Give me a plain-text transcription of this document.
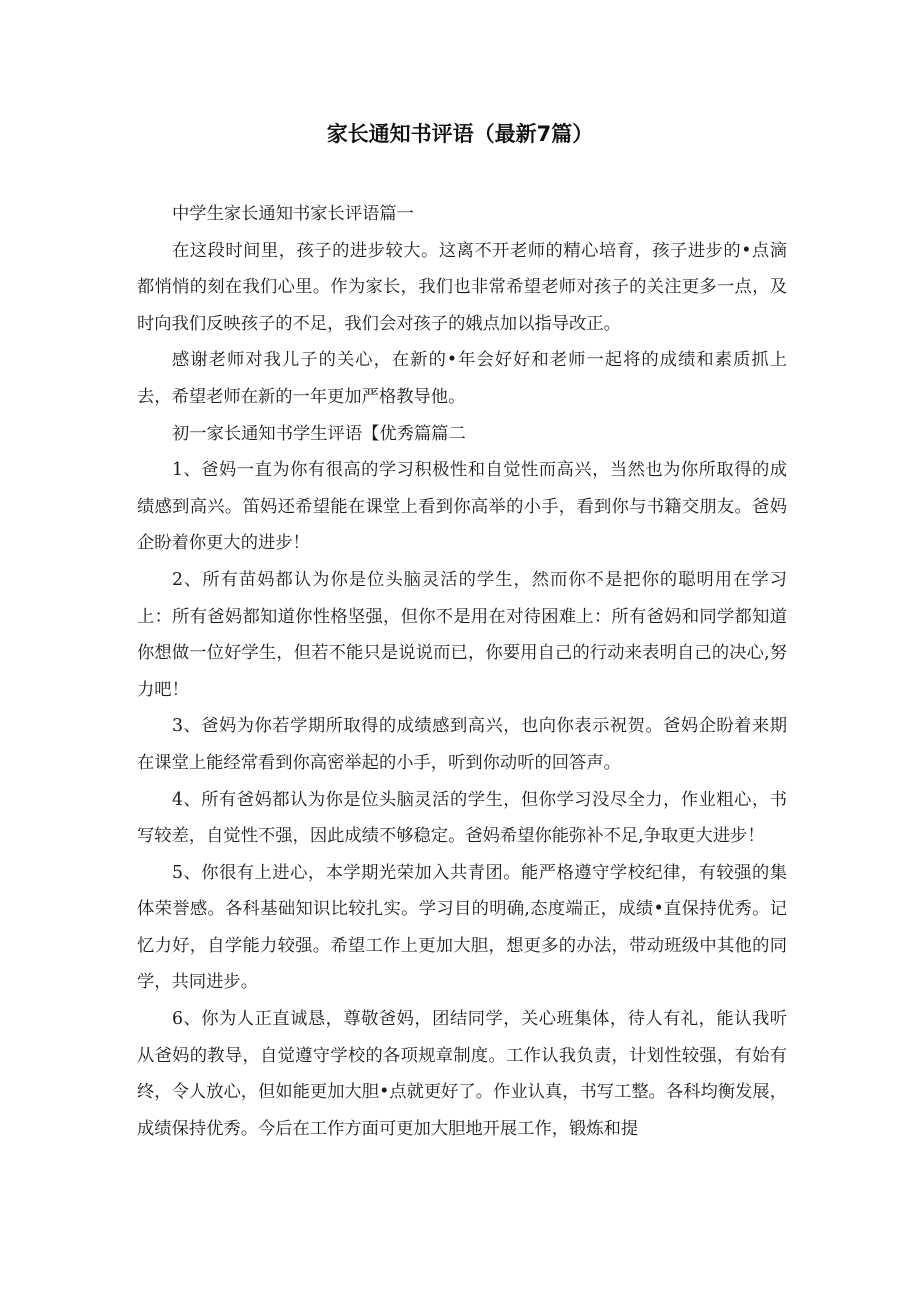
家长通知书评语（最新7篇）

中学生家长通知书家长评语篇一

在这段时间里，孩子的进步较大。这离不开老师的精心培育，孩子进步的•点滴都悄悄的刻在我们心里。作为家长，我们也非常希望老师对孩子的关注更多一点，及时向我们反映孩子的不足，我们会对孩子的娥点加以指导改正。

感谢老师对我儿子的关心，在新的•年会好好和老师一起将的成绩和素质抓上去，希望老师在新的一年更加严格教导他。

初一家长通知书学生评语【优秀篇篇二

1、爸妈一直为你有很高的学习积极性和自觉性而高兴，当然也为你所取得的成绩感到高兴。笛妈还希望能在课堂上看到你高举的小手，看到你与书籍交朋友。爸妈企盼着你更大的进步！

2、所有苗妈都认为你是位头脑灵活的学生，然而你不是把你的聪明用在学习上：所有爸妈都知道你性格坚强，但你不是用在对待困难上：所有爸妈和同学都知道你想做一位好学生，但若不能只是说说而已，你要用自己的行动来表明自己的决心,努力吧！

3、爸妈为你若学期所取得的成绩感到高兴，也向你表示祝贺。爸妈企盼着来期在课堂上能经常看到你高密举起的小手，听到你动听的回答声。

4、所有爸妈都认为你是位头脑灵活的学生，但你学习没尽全力，作业粗心，书写较差，自觉性不强，因此成绩不够稳定。爸妈希望你能弥补不足,争取更大进步！

5、你很有上进心，本学期光荣加入共青团。能严格遵守学校纪律，有较强的集体荣誉感。各科基础知识比较扎实。学习目的明确,态度端正，成绩•直保持优秀。记忆力好，自学能力较强。希望工作上更加大胆，想更多的办法，带动班级中其他的同学，共同进步。

6、你为人正直诚恳，尊敬爸妈，团结同学，关心班集体，待人有礼，能认我听从爸妈的教导，自觉遵守学校的各项规章制度。工作认我负责，计划性较强，有始有终，令人放心，但如能更加大胆•点就更好了。作业认真，书写工整。各科均衡发展，成绩保持优秀。今后在工作方面可更加大胆地开展工作，锻炼和提
